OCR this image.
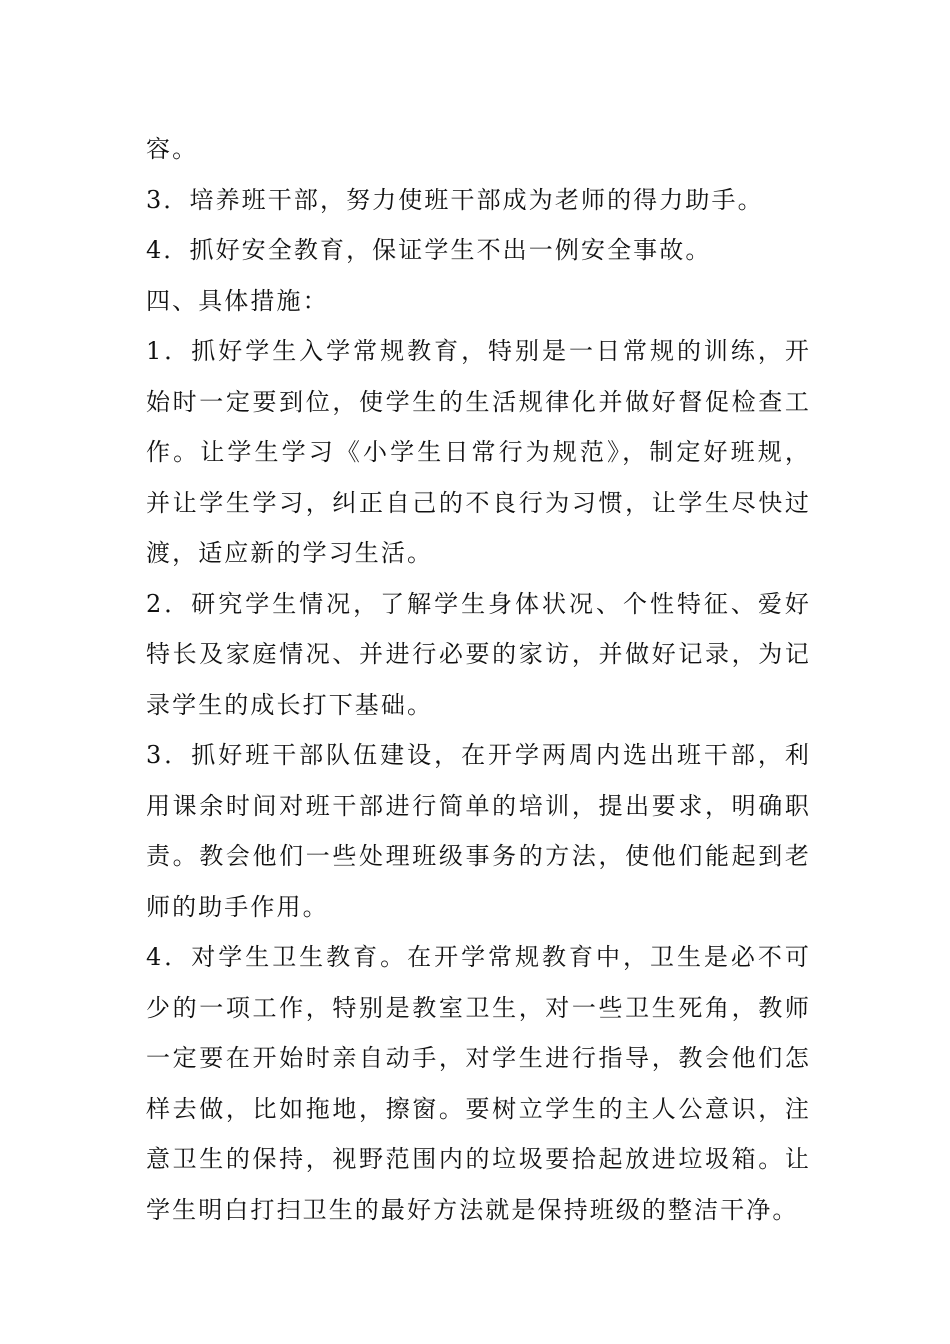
容。

3．培养班干部，努力使班干部成为老师的得力助手。

4．抓好安全教育，保证学生不出一例安全事故。

四、具体措施：

1．抓好学生入学常规教育，特别是一日常规的训练，开始时一定要到位，使学生的生活规律化并做好督促检查工作。让学生学习《小学生日常行为规范》，制定好班规，并让学生学习，纠正自己的不良行为习惯，让学生尽快过渡，适应新的学习生活。

2．研究学生情况，了解学生身体状况、个性特征、爱好特长及家庭情况、并进行必要的家访，并做好记录，为记录学生的成长打下基础。

3．抓好班干部队伍建设，在开学两周内选出班干部，利用课余时间对班干部进行简单的培训，提出要求，明确职责。教会他们一些处理班级事务的方法，使他们能起到老师的助手作用。

4．对学生卫生教育。在开学常规教育中，卫生是必不可少的一项工作，特别是教室卫生，对一些卫生死角，教师一定要在开始时亲自动手，对学生进行指导，教会他们怎样去做，比如拖地，擦窗。要树立学生的主人公意识，注意卫生的保持，视野范围内的垃圾要拾起放进垃圾箱。让学生明白打扫卫生的最好方法就是保持班级的整洁干净。
